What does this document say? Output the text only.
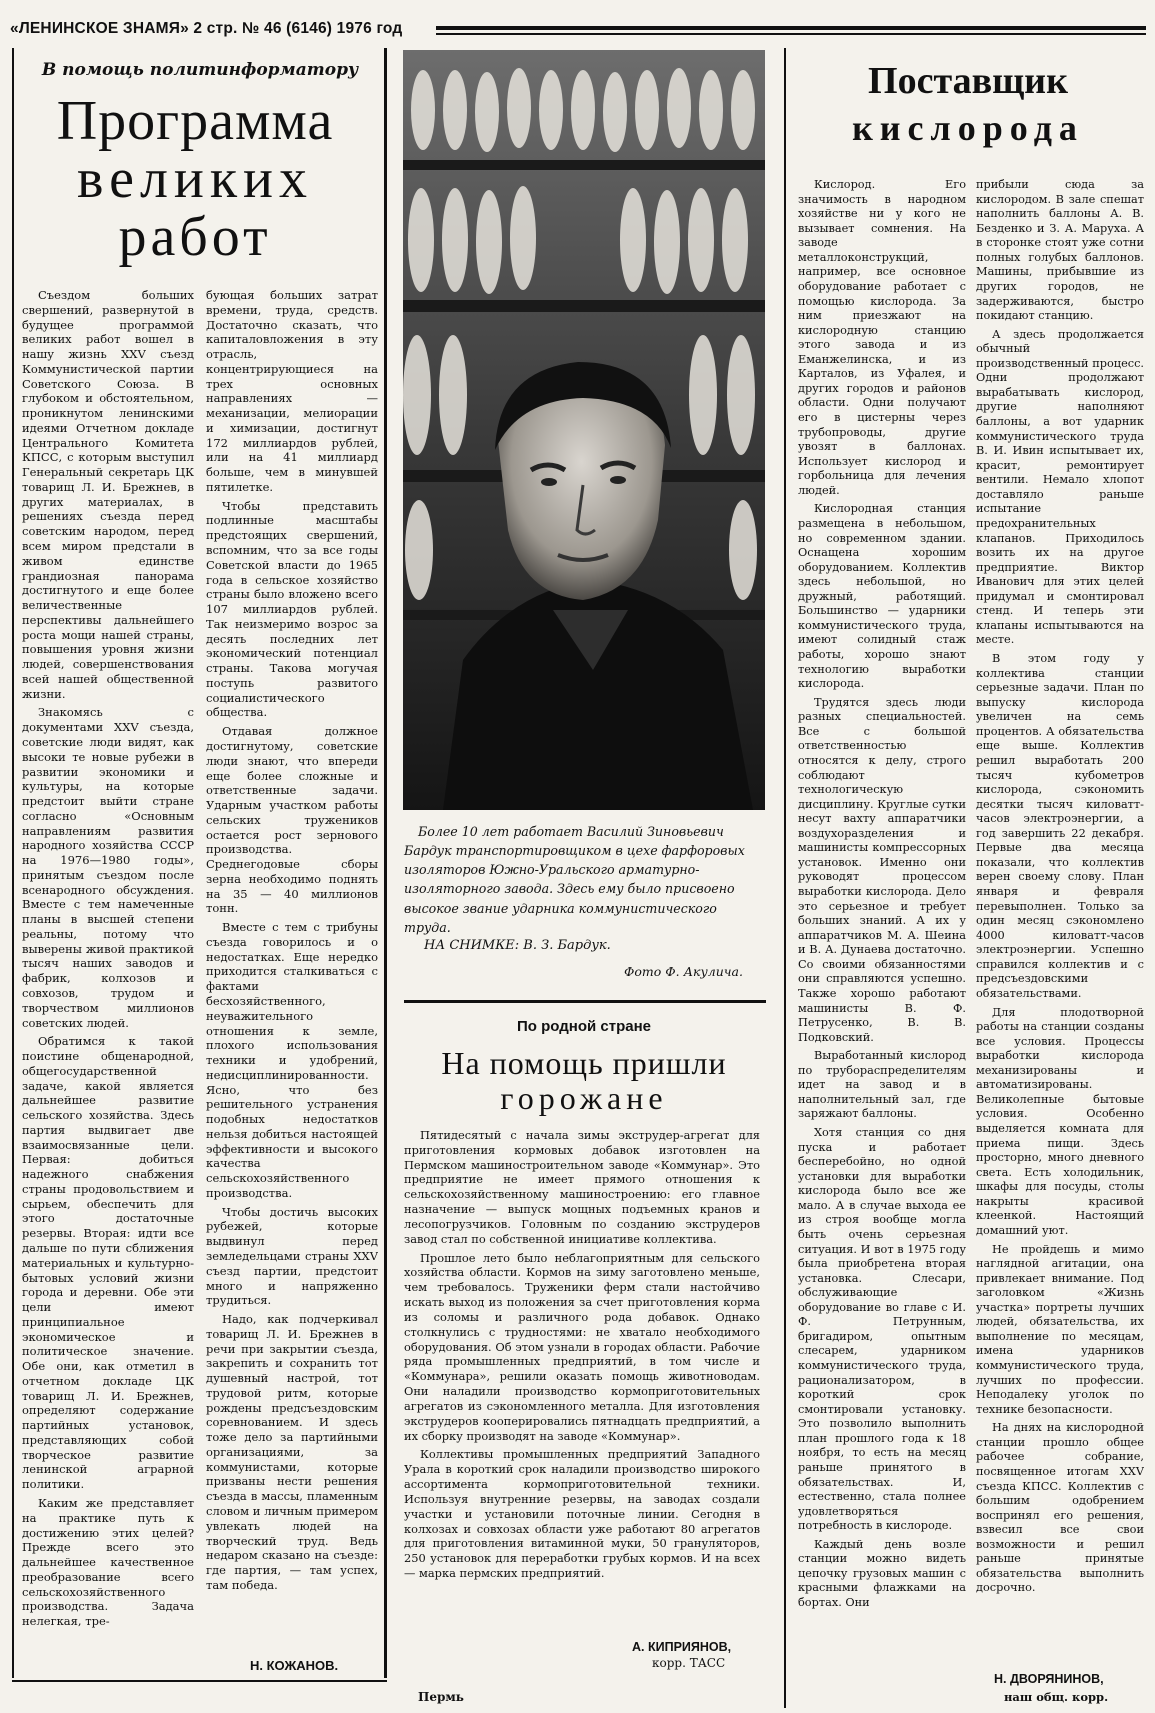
«ЛЕНИНСКОЕ ЗНАМЯ» 2 стр. № 46 (6146) 1976 год
В помощь политинформатору
Программа
великих
работ

Съездом больших свершений, развернутой в будущее программой великих работ вошел в нашу жизнь XXV съезд Коммунистической партии Советского Союза. В глубоком и обстоятельном, проникнутом ленинскими идеями Отчетном докладе Центрального Комитета КПСС, с которым выступил Генеральный секретарь ЦК товарищ Л. И. Брежнев, в других материалах, в решениях съезда перед советским народом, перед всем миром предстали в живом единстве грандиозная панорама достигнутого и еще более величественные перспективы дальнейшего роста мощи нашей страны, повышения уровня жизни людей, совершенствования всей нашей общественной жизни.

Знакомясь с документами XXV съезда, советские люди видят, как высоки те новые рубежи в развитии экономики и культуры, на которые предстоит выйти стране согласно «Основным направлениям развития народного хозяйства СССР на 1976—1980 годы», принятым съездом после всенародного обсуждения. Вместе с тем намеченные планы в высшей степени реальны, потому что выверены живой практикой тысяч наших заводов и фабрик, колхозов и совхозов, трудом и творчеством миллионов советских людей.

Обратимся к такой поистине общенародной, общегосударственной задаче, какой является дальнейшее развитие сельского хозяйства. Здесь партия выдвигает две взаимосвязанные цели. Первая: добиться надежного снабжения страны продовольствием и сырьем, обеспечить для этого достаточные резервы. Вторая: идти все дальше по пути сближения материальных и культурно-бытовых условий жизни города и деревни. Обе эти цели имеют принципиальное экономическое и политическое значение. Обе они, как отметил в отчетном докладе ЦК товарищ Л. И. Брежнев, определяют содержание партийных установок, представляющих собой творческое развитие ленинской аграрной политики.

Каким же представляет на практике путь к достижению этих целей? Прежде всего это дальнейшее качественное преобразование всего сельскохозяйственного производства. Задача нелегкая, тре-

бующая больших затрат времени, труда, средств. Достаточно сказать, что капиталовложения в эту отрасль, концентрирующиеся на трех основных направлениях — механизации, мелиорации и химизации, достигнут 172 миллиардов рублей, или на 41 миллиард больше, чем в минувшей пятилетке.

Чтобы представить подлинные масштабы предстоящих свершений, вспомним, что за все годы Советской власти до 1965 года в сельское хозяйство страны было вложено всего 107 миллиардов рублей. Так неизмеримо возрос за десять последних лет экономический потенциал страны. Такова могучая поступь развитого социалистического общества.

Отдавая должное достигнутому, советские люди знают, что впереди еще более сложные и ответственные задачи. Ударным участком работы сельских тружеников остается рост зернового производства. Среднегодовые сборы зерна необходимо поднять на 35 — 40 миллионов тонн.

Вместе с тем с трибуны съезда говорилось и о недостатках. Еще нередко приходится сталкиваться с фактами бесхозяйственного, неуважительного отношения к земле, плохого использования техники и удобрений, недисциплинированности. Ясно, что без решительного устранения подобных недостатков нельзя добиться настоящей эффективности и высокого качества сельскохозяйственного производства.

Чтобы достичь высоких рубежей, которые выдвинул перед земледельцами страны XXV съезд партии, предстоит много и напряженно трудиться.

Надо, как подчеркивал товарищ Л. И. Брежнев в речи при закрытии съезда, закрепить и сохранить тот душевный настрой, тот трудовой ритм, которые рождены предсъездовским соревнованием. И здесь тоже дело за партийными организациями, за коммунистами, которые призваны нести решения съезда в массы, пламенным словом и личным примером увлекать людей на творческий труд. Ведь недаром сказано на съезде: где партия, — там успех, там победа.

Н. КОЖАНОВ.

Более 10 лет работает Василий Зиновьевич Бардук транспортировщиком в цехе фарфоровых изоляторов Южно-Уральского арматурно-изоляторного завода. Здесь ему было присвоено высокое звание ударника коммунистического труда.

НА СНИМКЕ: В. З. Бардук.
Фото Ф. Акулича.
По родной стране
На помощь пришли
горожане

Пятидесятый с начала зимы экструдер-агрегат для приготовления кормовых добавок изготовлен на Пермском машиностроительном заводе «Коммунар». Это предприятие не имеет прямого отношения к сельскохозяйственному машиностроению: его главное назначение — выпуск мощных подъемных кранов и лесопогрузчиков. Головным по созданию экструдеров завод стал по собственной инициативе коллектива.

Прошлое лето было неблагоприятным для сельского хозяйства области. Кормов на зиму заготовлено меньше, чем требовалось. Труженики ферм стали настойчиво искать выход из положения за счет приготовления корма из соломы и различного рода добавок. Однако столкнулись с трудностями: не хватало необходимого оборудования. Об этом узнали в городах области. Рабочие ряда промышленных предприятий, в том числе и «Коммунара», решили оказать помощь животноводам. Они наладили производство кормоприготовительных агрегатов из сэкономленного металла. Для изготовления экструдеров кооперировались пятнадцать предприятий, а их сборку производят на заводе «Коммунар».

Коллективы промышленных предприятий Западного Урала в короткий срок наладили производство широкого ассортимента кормоприготовительной техники. Используя внутренние резервы, на заводах создали участки и установили поточные линии. Сегодня в колхозах и совхозах области уже работают 80 агрегатов для приготовления витаминной муки, 50 грануляторов, 250 установок для переработки грубых кормов. И на всех — марка пермских предприятий.

А. КИПРИЯНОВ,
корр. ТАСС
Пермь
Поставщик
кислорода

Кислород. Его значимость в народном хозяйстве ни у кого не вызывает сомнения. На заводе металлоконструкций, например, все основное оборудование работает с помощью кислорода. За ним приезжают на кислородную станцию этого завода и из Еманжелинска, и из Карталов, из Уфалея, и других городов и районов области. Одни получают его в цистерны через трубопроводы, другие увозят в баллонах. Использует кислород и горбольница для лечения людей.

Кислородная станция размещена в небольшом, но современном здании. Оснащена хорошим оборудованием. Коллектив здесь небольшой, но дружный, работящий. Большинство — ударники коммунистического труда, имеют солидный стаж работы, хорошо знают технологию выработки кислорода.

Трудятся здесь люди разных специальностей. Все с большой ответственностью относятся к делу, строго соблюдают технологическую дисциплину. Круглые сутки несут вахту аппаратчики воздухоразделения и машинисты компрессорных установок. Именно они руководят процессом выработки кислорода. Дело это серьезное и требует больших знаний. А их у аппаратчиков М. А. Шеина и В. А. Дунаева достаточно. Со своими обязанностями они справляются успешно. Также хорошо работают машинисты В. Ф. Петрусенко, В. В. Подковский.

Выработанный кислород по трубораспределителям идет на завод и в наполнительный зал, где заряжают баллоны.

Хотя станция со дня пуска и работает бесперебойно, но одной установки для выработки кислорода было все же мало. А в случае выхода ее из строя вообще могла быть очень серьезная ситуация. И вот в 1975 году была приобретена вторая установка. Слесари, обслуживающие оборудование во главе с И. Ф. Петрунным, бригадиром, опытным слесарем, ударником коммунистического труда, рационализатором, в короткий срок смонтировали установку. Это позволило выполнить план прошлого года к 18 ноября, то есть на месяц раньше принятого в обязательствах. И, естественно, стала полнее удовлетворяться потребность в кислороде.

Каждый день возле станции можно видеть цепочку грузовых машин с красными флажками на бортах. Они

прибыли сюда за кислородом. В зале спешат наполнить баллоны А. В. Безденко и З. А. Маруха. А в сторонке стоят уже сотни полных голубых баллонов. Машины, прибывшие из других городов, не задерживаются, быстро покидают станцию.

А здесь продолжается обычный производственный процесс. Одни продолжают вырабатывать кислород, другие наполняют баллоны, а вот ударник коммунистического труда В. И. Ивин испытывает их, красит, ремонтирует вентили. Немало хлопот доставляло раньше испытание предохранительных клапанов. Приходилось возить их на другое предприятие. Виктор Иванович для этих целей придумал и смонтировал стенд. И теперь эти клапаны испытываются на месте.

В этом году у коллектива станции серьезные задачи. План по выпуску кислорода увеличен на семь процентов. А обязательства еще выше. Коллектив решил выработать 200 тысяч кубометров кислорода, сэкономить десятки тысяч киловатт-часов электроэнергии, а год завершить 22 декабря. Первые два месяца показали, что коллектив верен своему слову. План января и февраля перевыполнен. Только за один месяц сэкономлено 4000 киловатт-часов электроэнергии. Успешно справился коллектив и с предсъездовскими обязательствами.

Для плодотворной работы на станции созданы все условия. Процессы выработки кислорода механизированы и автоматизированы. Великолепные бытовые условия. Особенно выделяется комната для приема пищи. Здесь просторно, много дневного света. Есть холодильник, шкафы для посуды, столы накрыты красивой клеенкой. Настоящий домашний уют.

Не пройдешь и мимо наглядной агитации, она привлекает внимание. Под заголовком «Жизнь участка» портреты лучших людей, обязательства, их выполнение по месяцам, имена ударников коммунистического труда, лучших по профессии. Неподалеку уголок по технике безопасности.

На днях на кислородной станции прошло общее рабочее собрание, посвященное итогам XXV съезда КПСС. Коллектив с большим одобрением воспринял его решения, взвесил все свои возможности и решил раньше принятые обязательства выполнить досрочно.

Н. ДВОРЯНИНОВ,
наш общ. корр.
